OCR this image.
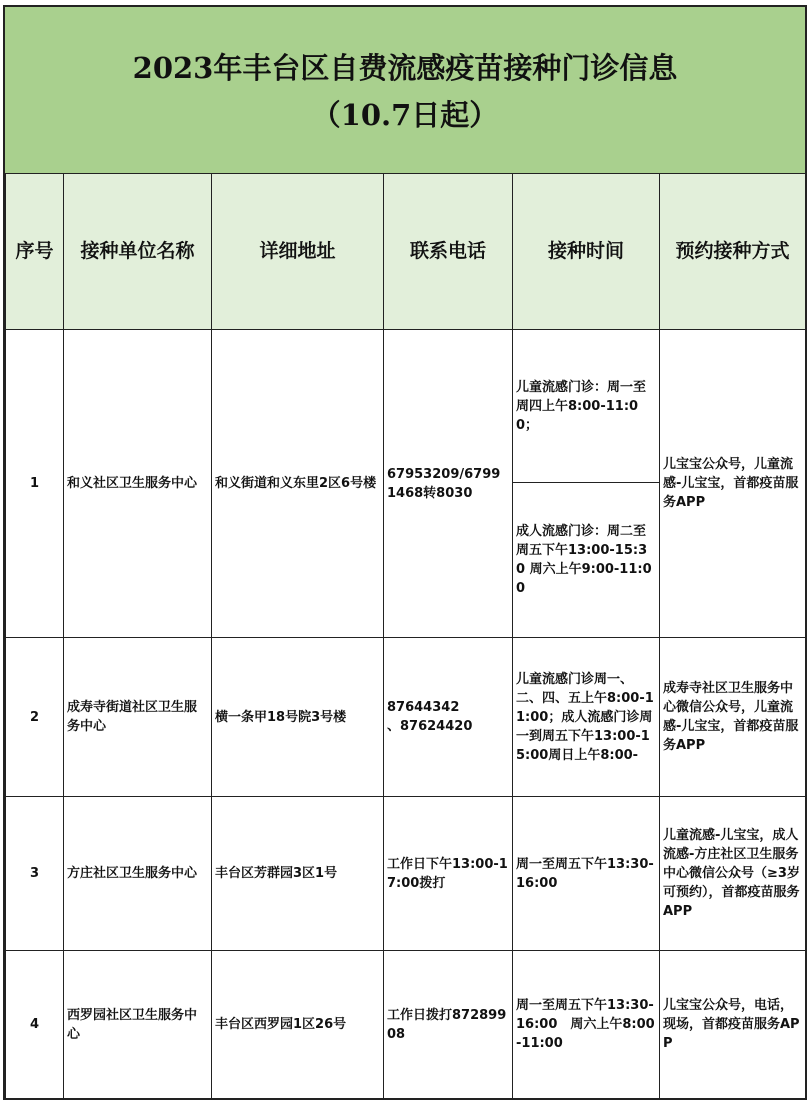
2023年丰台区自费流感疫苗接种门诊信息
（10.7日起）
序号	接种单位名称	详细地址	联系电话	接种时间	预约接种方式
1	和义社区卫生服务中心	和义街道和义东里2区6号楼	67953209/67991468转8030	儿童流感门诊：周一至周四上午8:00-11:00；
成人流感门诊：周二至周五下午13:00-15:30 周六上午9:00-11:00	儿宝宝公众号，儿童流感-儿宝宝，首都疫苗服务APP
2	成寿寺街道社区卫生服务中心	横一条甲18号院3号楼	87644342　　　、87624420	儿童流感门诊周一、二、四、五上午8:00-11:00；成人流感门诊周一到周五下午13:00-15:00周日上午8:00-	成寿寺社区卫生服务中心微信公众号，儿童流感-儿宝宝，首都疫苗服务APP
3	方庄社区卫生服务中心	丰台区芳群园3区1号	工作日下午13:00-17:00拨打	周一至周五下午13:30-16:00	儿童流感-儿宝宝，成人流感-方庄社区卫生服务中心微信公众号（≥3岁可预约），首都疫苗服务APP
4	西罗园社区卫生服务中心	丰台区西罗园1区26号	工作日拨打87289908	周一至周五下午13:30-16:00　周六上午8:00-11:00	儿宝宝公众号，电话，现场，首都疫苗服务APP
